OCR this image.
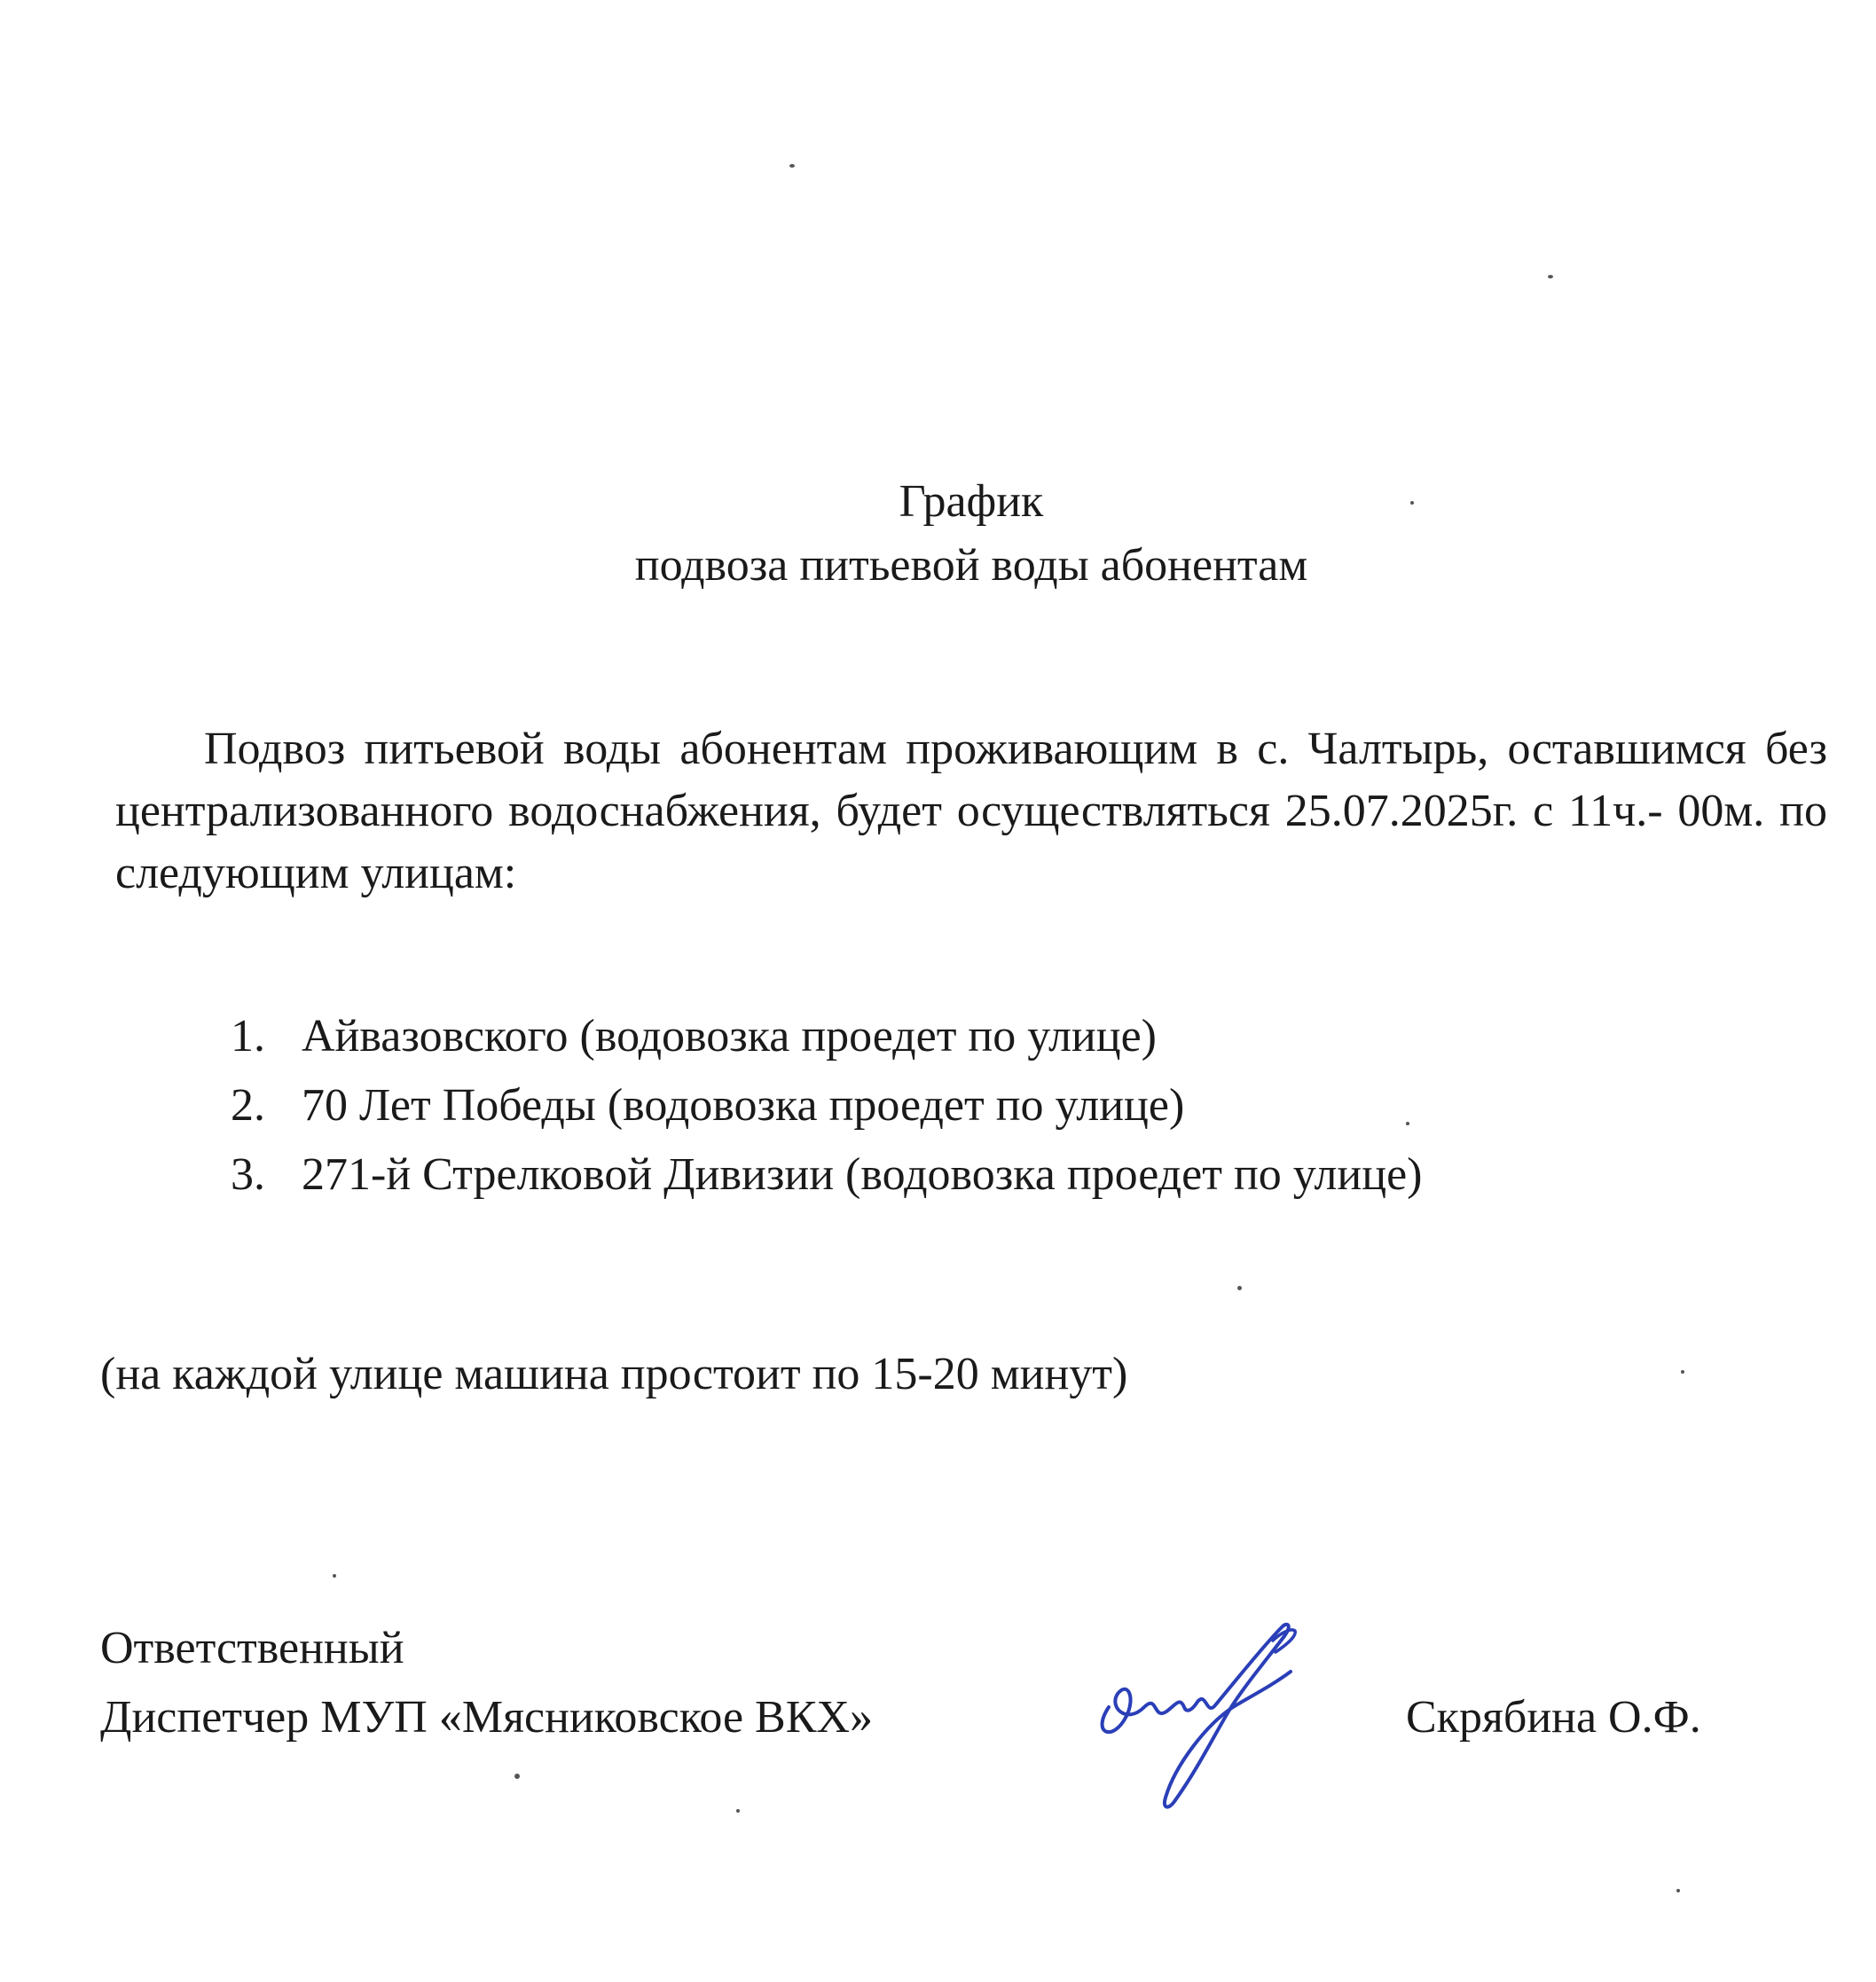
График
подвоза питьевой воды абонентам
Подвоз питьевой воды абонентам проживающим в с. Чалтырь, оставшимся без централизованного водоснабжения, будет осуществляться 25.07.2025г. с 11ч.- 00м. по следующим улицам:
1. Айвазовского (водовозка проедет по улице)
2. 70 Лет Победы (водовозка проедет по улице)
3. 271-й Стрелковой Дивизии (водовозка проедет по улице)
(на каждой улице машина простоит по 15-20 минут)
Ответственный
Диспетчер МУП «Мясниковское ВКХ»	Скрябина О.Ф.
